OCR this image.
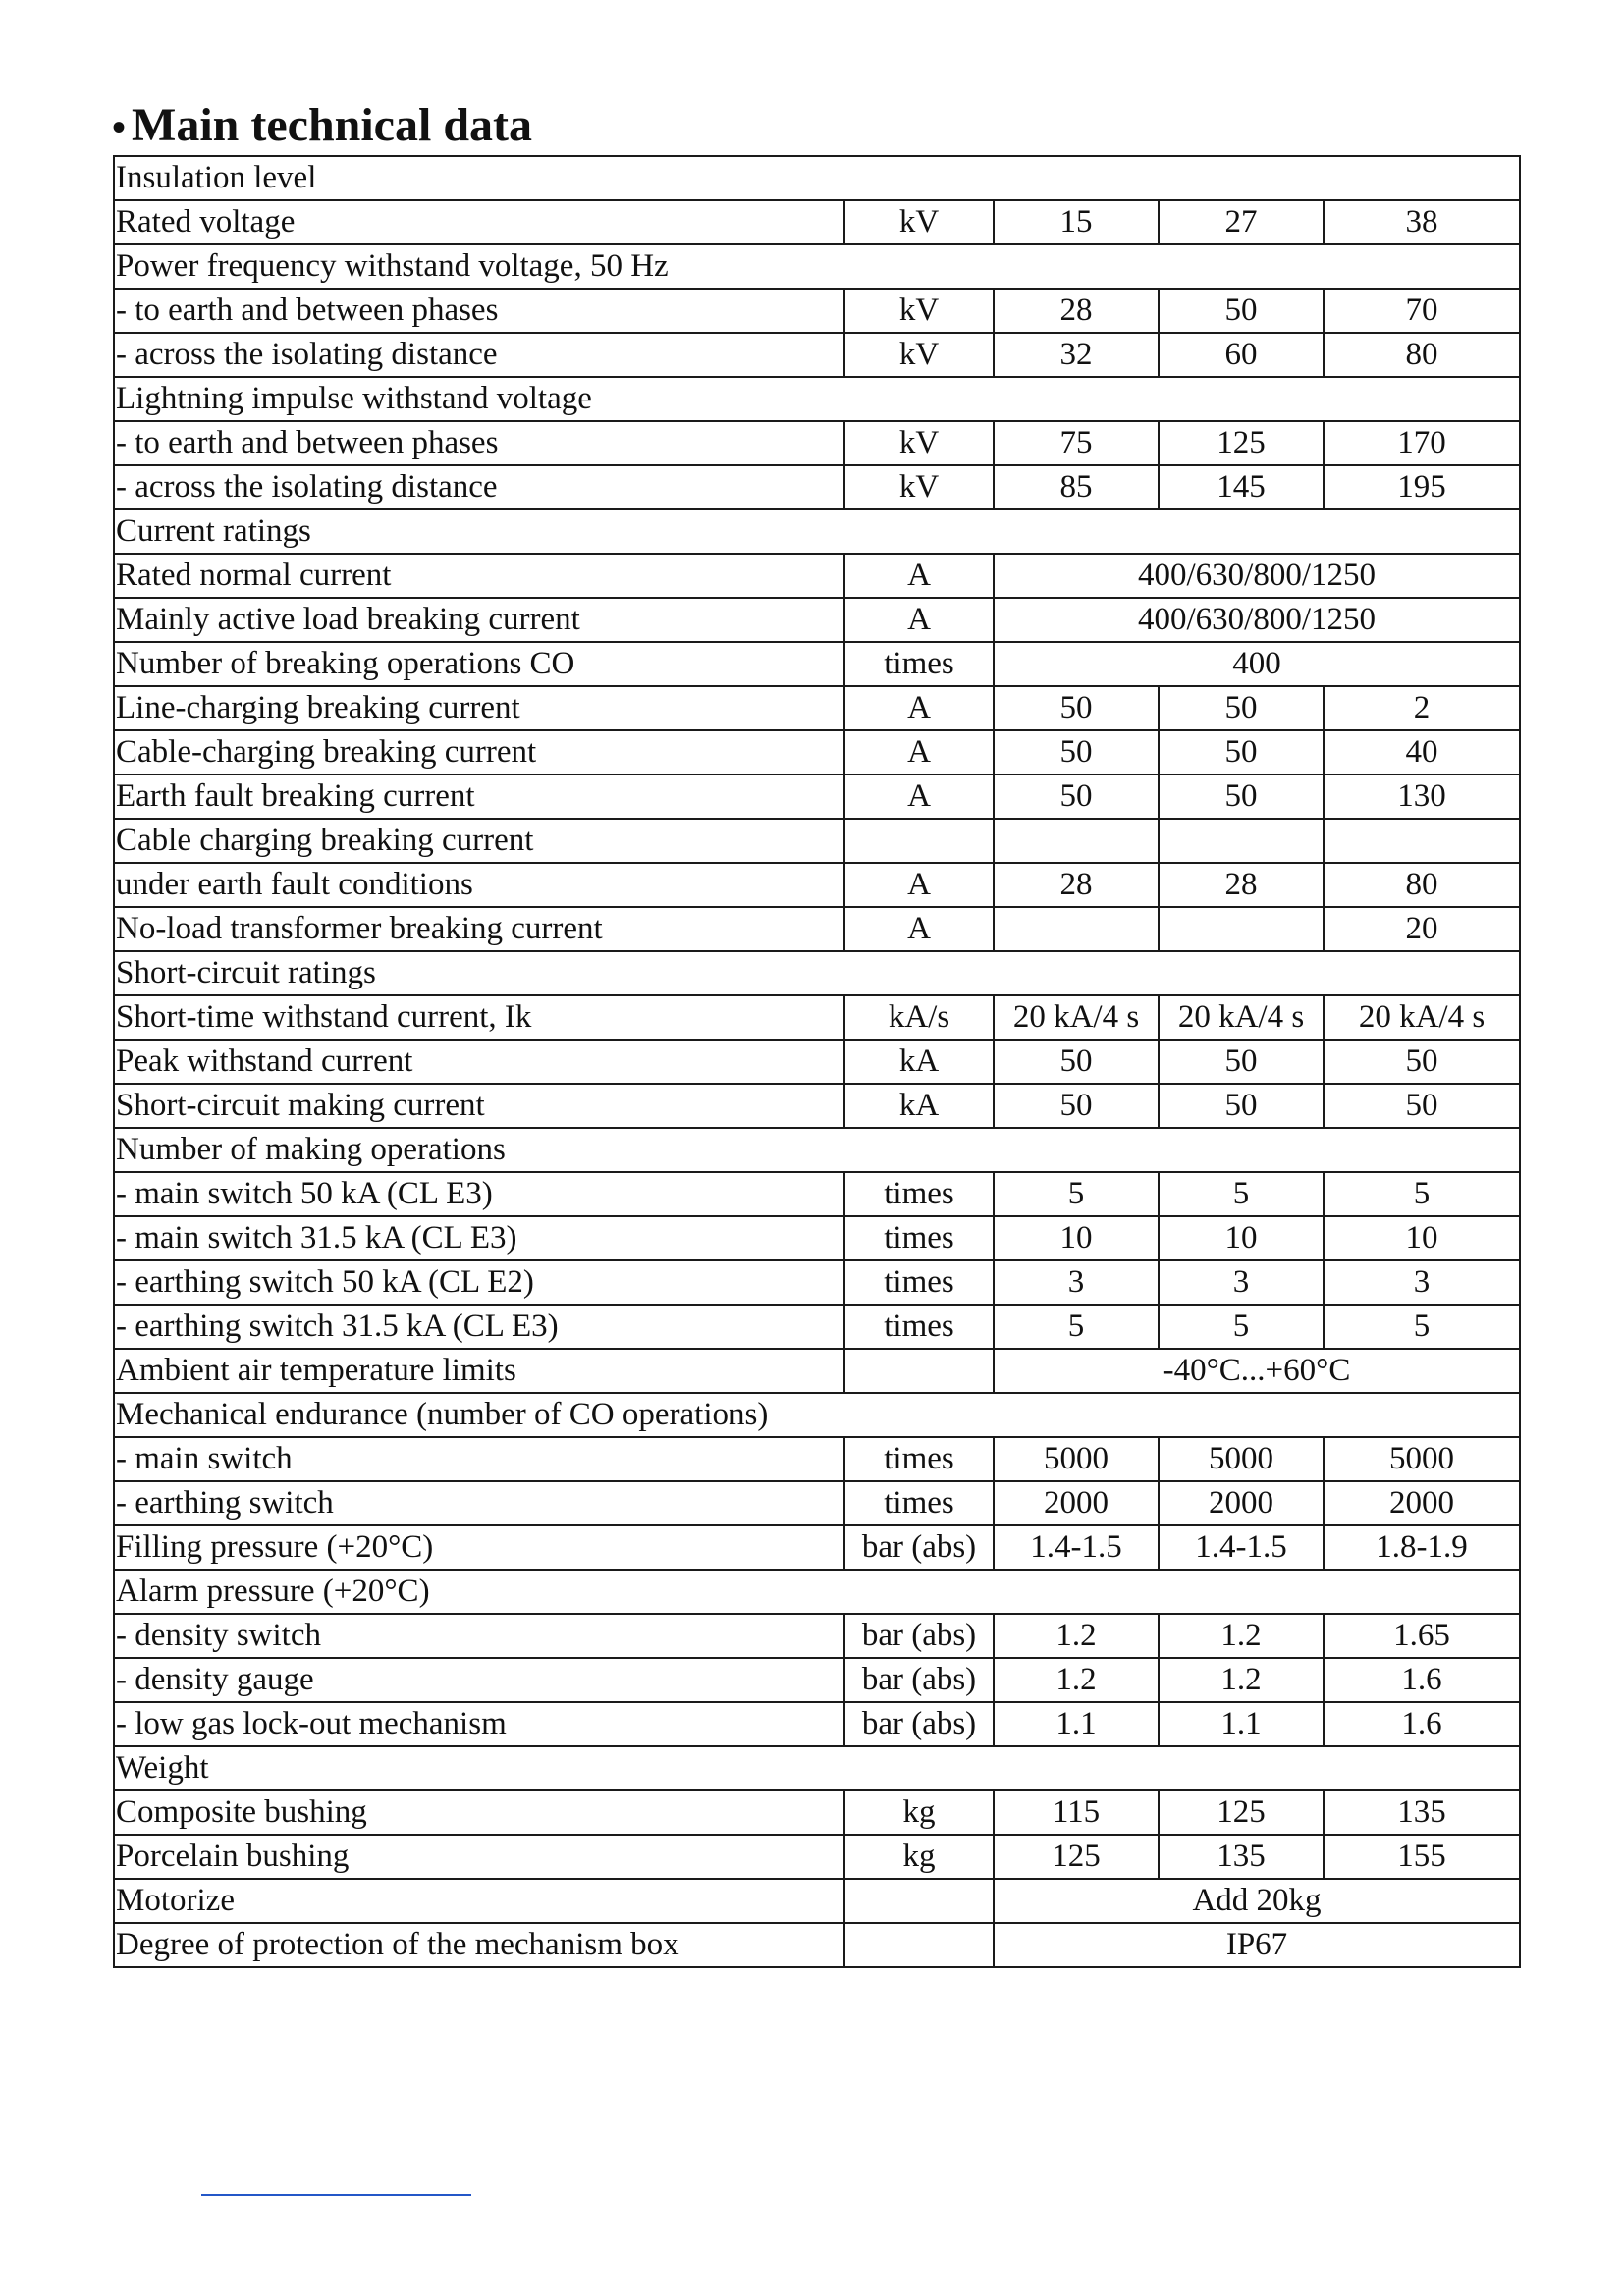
• Main technical data
Insulation level				
Rated voltage	kV	15	27	38
Power frequency withstand voltage, 50 Hz				
- to earth and between phases	kV	28	50	70
- across the isolating distance	kV	32	60	80
Lightning impulse withstand voltage				
- to earth and between phases	kV	75	125	170
- across the isolating distance	kV	85	145	195
Current ratings				
Rated normal current	A	400/630/800/1250		
Mainly active load breaking current	A	400/630/800/1250		
Number of breaking operations CO	times	400		
Line-charging breaking current	A	50	50	2
Cable-charging breaking current	A	50	50	40
Earth fault breaking current	A	50	50	130
Cable charging breaking current				
under earth fault conditions	A	28	28	80
No-load transformer breaking current	A			20
Short-circuit ratings				
Short-time withstand current, Ik	kA/s	20 kA/4 s	20 kA/4 s	20 kA/4 s
Peak withstand current	kA	50	50	50
Short-circuit making current	kA	50	50	50
Number of making operations				
- main switch 50 kA (CL E3)	times	5	5	5
- main switch 31.5 kA (CL E3)	times	10	10	10
- earthing switch 50 kA (CL E2)	times	3	3	3
- earthing switch 31.5 kA (CL E3)	times	5	5	5
Ambient air temperature limits		-40°C...+60°C		
Mechanical endurance (number of CO operations)				
- main switch	times	5000	5000	5000
- earthing switch	times	2000	2000	2000
Filling pressure (+20°C)	bar (abs)	1.4-1.5	1.4-1.5	1.8-1.9
Alarm pressure (+20°C)				
- density switch	bar (abs)	1.2	1.2	1.65
- density gauge	bar (abs)	1.2	1.2	1.6
- low gas lock-out mechanism	bar (abs)	1.1	1.1	1.6
Weight				
Composite bushing	kg	115	125	135
Porcelain bushing	kg	125	135	155
Motorize		Add 20kg		
Degree of protection of the mechanism box		IP67		
